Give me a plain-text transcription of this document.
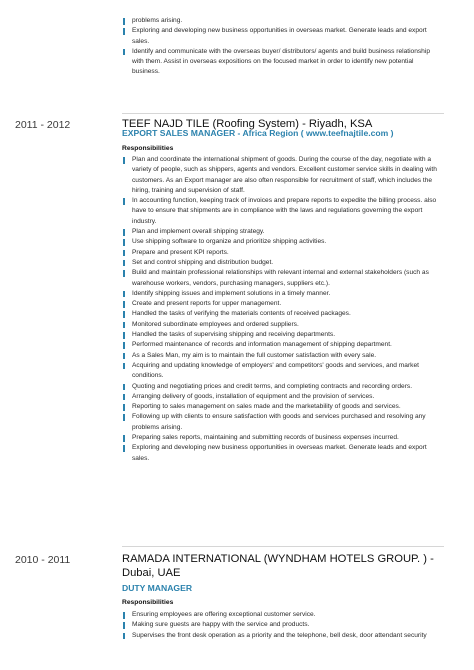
problems arising.
Exploring and developing new business opportunities in overseas market. Generate leads and export sales.
Identify and communicate with the overseas buyer/ distributors/ agents and build business relationship with them. Assist in overseas expositions on the focused market in order to identify new potential business.
2011 - 2012	TEEF NAJD TILE (Roofing System) - Riyadh, KSA
EXPORT SALES MANAGER - Africa Region ( www.teefnajtile.com )
Responsibilities
Plan and coordinate the international shipment of goods. During the course of the day, negotiate with a variety of people, such as shippers, agents and vendors. Excellent customer service skills in dealing with customers. As an Export manager are also often responsible for recruitment of staff, which includes the hiring, training and supervision of staff.
In accounting function, keeping track of invoices and prepare reports to expedite the billing process. also have to ensure that shipments are in compliance with the laws and regulations governing the export industry.
Plan and implement overall shipping strategy.
Use shipping software to organize and prioritize shipping activities.
Prepare and present KPI reports.
Set and control shipping and distribution budget.
Build and maintain professional relationships with relevant internal and external stakeholders (such as warehouse workers, vendors, purchasing managers, suppliers etc.).
Identify shipping issues and implement solutions in a timely manner.
Create and present reports for upper management.
Handled the tasks of verifying the materials contents of received packages.
Monitored subordinate employees and ordered suppliers.
Handled the tasks of supervising shipping and receiving departments.
Performed maintenance of records and information management of shipping department.
As a Sales Man, my aim is to maintain the full customer satisfaction with every sale.
Acquiring and updating knowledge of employers' and competitors' goods and services, and market conditions.
Quoting and negotiating prices and credit terms, and completing contracts and recording orders.
Arranging delivery of goods, installation of equipment and the provision of services.
Reporting to sales management on sales made and the marketability of goods and services.
Following up with clients to ensure satisfaction with goods and services purchased and resolving any problems arising.
Preparing sales reports, maintaining and submitting records of business expenses incurred.
Exploring and developing new business opportunities in overseas market. Generate leads and export sales.
2010 - 2011	RAMADA INTERNATIONAL (WYNDHAM HOTELS GROUP. ) - Dubai, UAE
DUTY MANAGER
Responsibilities
Ensuring employees are offering exceptional customer service.
Making sure guests are happy with the service and products.
Supervises the front desk operation as a priority and the telephone, bell desk, door attendant security
